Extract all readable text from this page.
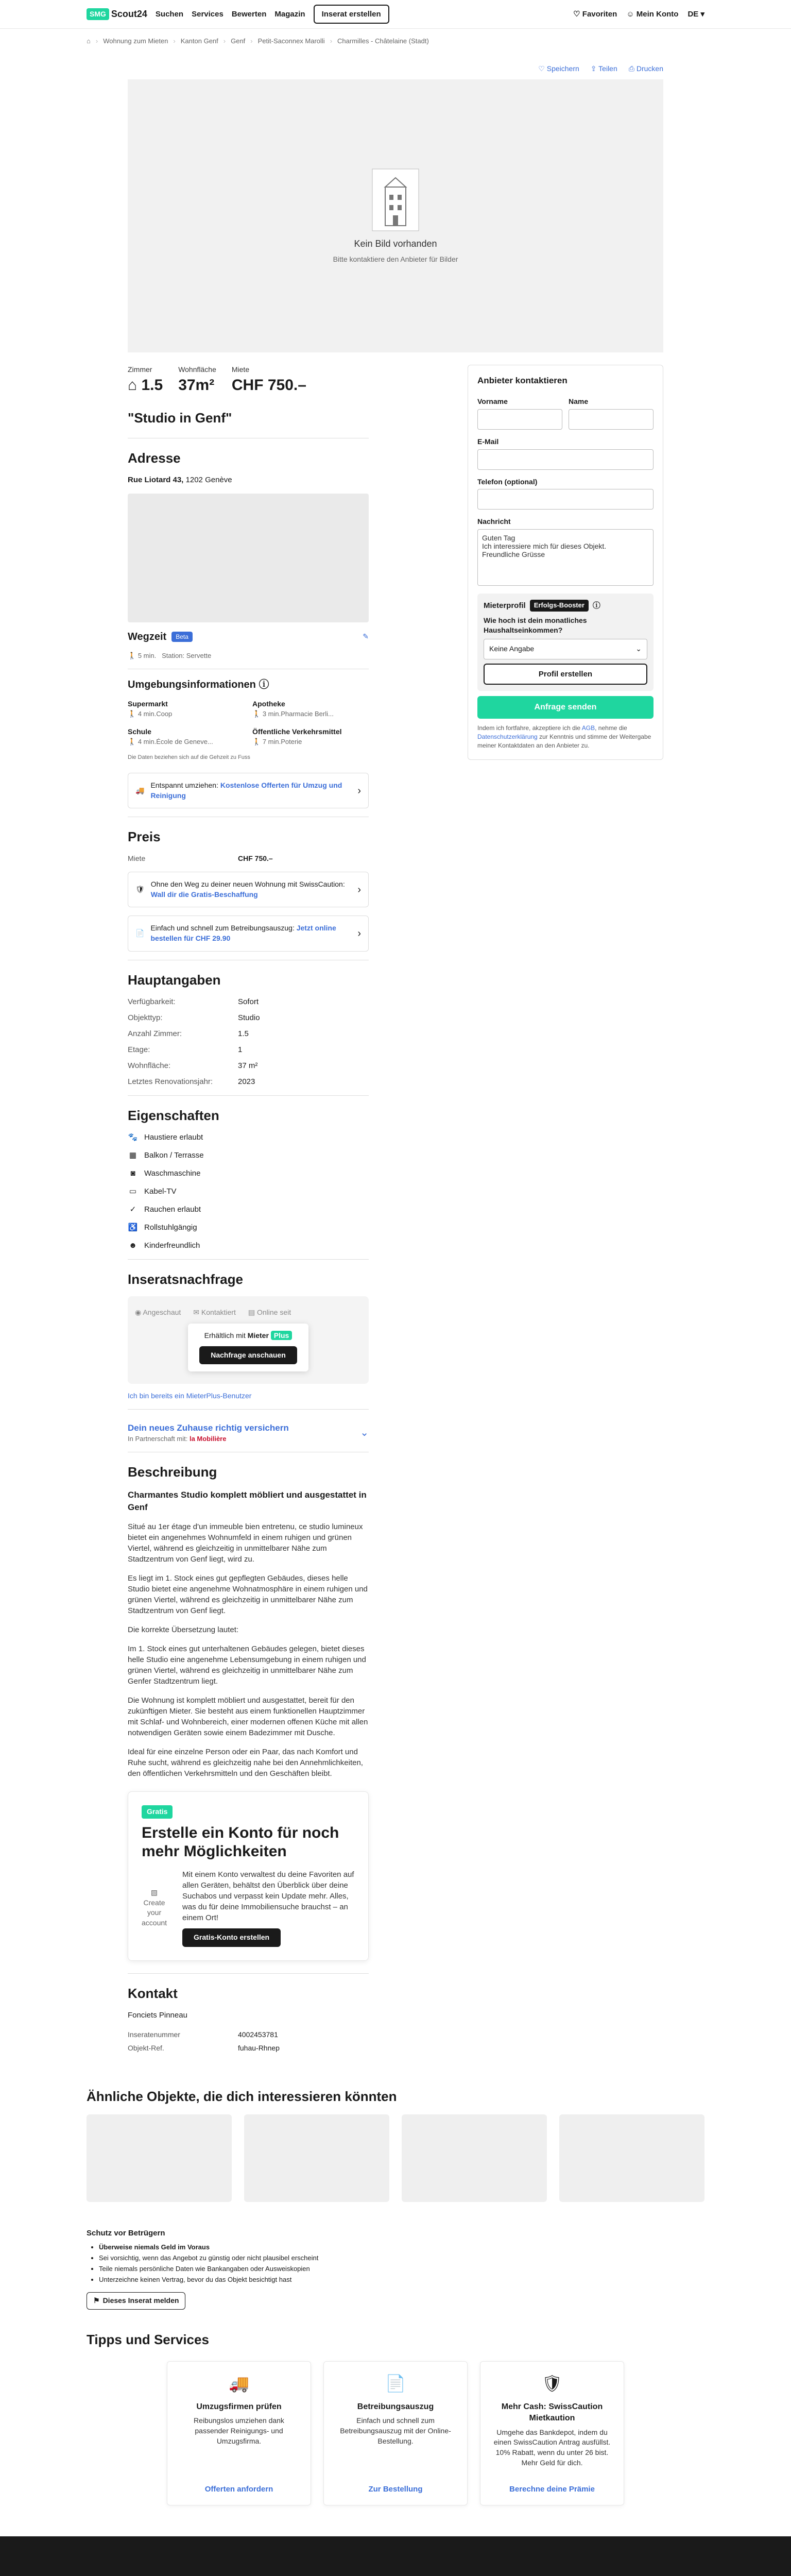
SMG Scout24 Suchen Services Bewerten Magazin	Inserat erstellen	♡ Favoriten ☺ Mein Konto DE ▾
⌂ › Wohnung zum Mieten › Kanton Genf › Genf › Petit-Saconnex Marolli › Charmilles - Châtelaine (Stadt)
♡ Speichern ⇪ Teilen ⎙ Drucken
Kein Bild vorhanden
Bitte kontaktiere den Anbieter für Bilder
Zimmer
⌂ 1.5
Wohnfläche
37m²
Miete
CHF 750.–
"Studio in Genf"
Adresse
Rue Liotard 43, 1202 Genève
Wegzeit	Beta	✎
🚶 5 min. Station: Servette
Umgebungsinformationen ⓘ
Supermarkt
🚶 4 min.Coop
Apotheke
🚶 3 min.Pharmacie Berli...
Schule
🚶 4 min.École de Geneve...
Öffentliche Verkehrsmittel
🚶 7 min.Poterie
Die Daten beziehen sich auf die Gehzeit zu Fuss
🚚
Entspannt umziehen: Kostenlose Offerten für Umzug und Reinigung	›
Preis
Miete	CHF 750.–
🛡
Ohne den Weg zu deiner neuen Wohnung mit SwissCaution: Wall dir die Gratis-Beschaffung	›
📄
Einfach und schnell zum Betreibungsauszug: Jetzt online bestellen für CHF 29.90	›
Hauptangaben
Verfügbarkeit:	Sofort
Objekttyp:	Studio
Anzahl Zimmer:	1.5
Etage:	1
Wohnfläche:	37 m²
Letztes Renovationsjahr:	2023
Eigenschaften
🐾 Haustiere erlaubt
▦ Balkon / Terrasse
◙	Waschmaschine
▭ Kabel-TV
✓ Rauchen erlaubt
♿ Rollstuhlgängig
☻ Kinderfreundlich
Inseratsnachfrage
◉ Angeschaut ✉ Kontaktiert ▤ Online seit
Erhältlich mit Mieter Plus
Nachfrage anschauen
Ich bin bereits ein MieterPlus-Benutzer
Dein neues Zuhause richtig versichern
In Partnerschaft mit: la Mobilière
⌄
Beschreibung

Charmantes Studio komplett möbliert und ausgestattet in Genf

Situé au 1er étage d'un immeuble bien entretenu, ce studio lumineux bietet ein angenehmes Wohnumfeld in einem ruhigen und grünen Viertel, während es gleichzeitig in unmittelbarer Nähe zum Stadtzentrum von Genf liegt, wird zu.

Es liegt im 1. Stock eines gut gepflegten Gebäudes, dieses helle Studio bietet eine angenehme Wohnatmosphäre in einem ruhigen und grünen Viertel, während es gleichzeitig in unmittelbarer Nähe zum Stadtzentrum von Genf liegt.

Die korrekte Übersetzung lautet:

Im 1. Stock eines gut unterhaltenen Gebäudes gelegen, bietet dieses helle Studio eine angenehme Lebensumgebung in einem ruhigen und grünen Viertel, während es gleichzeitig in unmittelbarer Nähe zum Genfer Stadtzentrum liegt.

Die Wohnung ist komplett möbliert und ausgestattet, bereit für den zukünftigen Mieter. Sie besteht aus einem funktionellen Hauptzimmer mit Schlaf- und Wohnbereich, einer modernen offenen Küche mit allen notwendigen Geräten sowie einem Badezimmer mit Dusche.

Ideal für eine einzelne Person oder ein Paar, das nach Komfort und Ruhe sucht, während es gleichzeitig nahe bei den Annehmlichkeiten, den öffentlichen Verkehrsmitteln und den Geschäften bleibt.

Gratis
Erstelle ein Konto für noch mehr Möglichkeiten
▧ Create your account

Mit einem Konto verwaltest du deine Favoriten auf allen Geräten, behältst den Überblick über deine Suchabos und verpasst kein Update mehr. Alles, was du für deine Immobiliensuche brauchst – an einem Ort!

Gratis-Konto erstellen
Kontakt
Fonciets Pinneau
Inseratenummer	4002453781
Objekt-Ref.	fuhau-Rhnep
Anbieter kontaktieren
Vorname	Name
E-Mail
Telefon (optional)
Nachricht
Guten Tag Ich interessiere mich für dieses Objekt. Freundliche Grüsse
Mieterprofil	Erfolgs-Booster	ⓘ
Wie hoch ist dein monatliches Haushaltseinkommen?
Keine Angabe	⌄
Profil erstellen
Anfrage senden
Indem ich fortfahre, akzeptiere ich die AGB, nehme die Datenschutzerklärung zur Kenntnis und stimme der Weitergabe meiner Kontaktdaten an den Anbieter zu.
Ähnliche Objekte, die dich interessieren könnten
Schutz vor Betrügern
• Überweise niemals Geld im Voraus
• Sei vorsichtig, wenn das Angebot zu günstig oder nicht plausibel erscheint
• Teile niemals persönliche Daten wie Bankangaben oder Ausweiskopien
• Unterzeichne keinen Vertrag, bevor du das Objekt besichtigt hast
⚑ Dieses Inserat melden
Tipps und Services
🚚
Umzugsfirmen prüfen
Reibungslos umziehen dank passender Reinigungs- und Umzugsfirma.
Offerten anfordern
📄
Betreibungsauszug
Einfach und schnell zum Betreibungsauszug mit der Online-Bestellung.
Zur Bestellung
🛡
Mehr Cash: SwissCaution Mietkaution
Umgehe das Bankdepot, indem du einen SwissCaution Antrag ausfüllst. 10% Rabatt, wenn du unter 26 bist. Mehr Geld für dich.
Berechne deine Prämie
